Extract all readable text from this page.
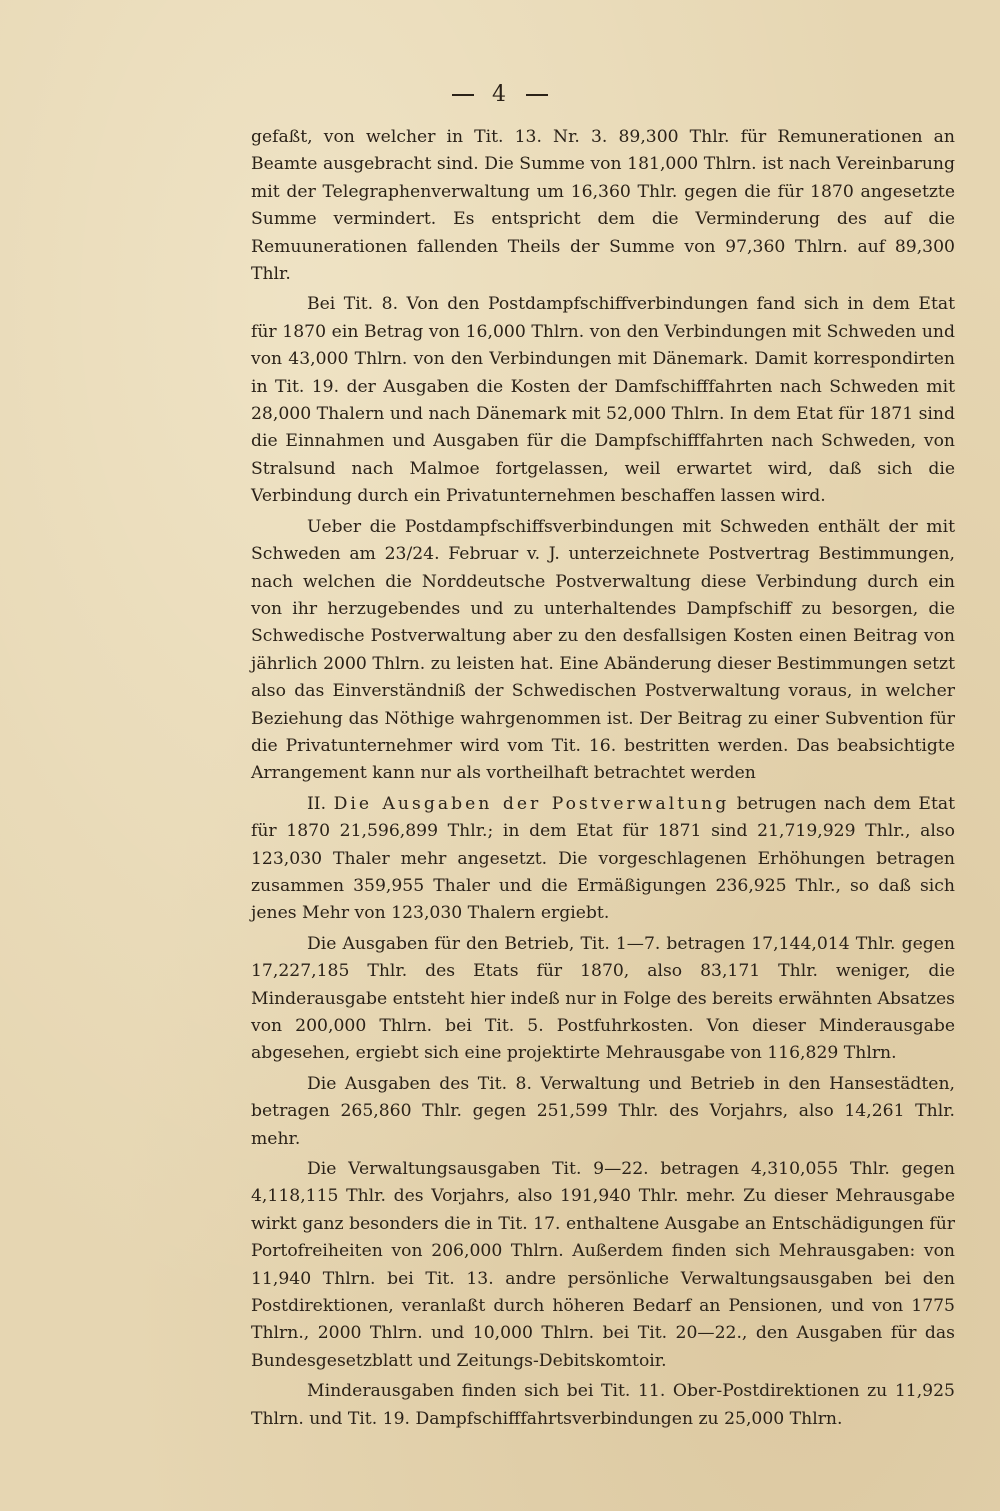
4

gefaßt, von welcher in Tit. 13. Nr. 3. 89,300 Thlr. für Remunerationen an Beamte ausgebracht sind. Die Summe von 181,000 Thlrn. ist nach Vereinbarung mit der Telegraphenverwaltung um 16,360 Thlr. gegen die für 1870 angesetzte Summe vermindert. Es entspricht dem die Verminderung des auf die Remuunerationen fallenden Theils der Summe von 97,360 Thlrn. auf 89,300 Thlr.

Bei Tit. 8. Von den Postdampfschiffverbindungen fand sich in dem Etat für 1870 ein Betrag von 16,000 Thlrn. von den Verbindungen mit Schweden und von 43,000 Thlrn. von den Verbindungen mit Dänemark. Damit korrespondirten in Tit. 19. der Ausgaben die Kosten der Damfschifffahrten nach Schweden mit 28,000 Thalern und nach Dänemark mit 52,000 Thlrn. In dem Etat für 1871 sind die Einnahmen und Ausgaben für die Dampfschifffahrten nach Schweden, von Stralsund nach Malmoe fortgelassen, weil erwartet wird, daß sich die Verbindung durch ein Privatunternehmen beschaffen lassen wird.

Ueber die Postdampfschiffsverbindungen mit Schweden enthält der mit Schweden am 23/24. Februar v. J. unterzeichnete Postvertrag Bestimmungen, nach welchen die Norddeutsche Postverwaltung diese Verbindung durch ein von ihr herzugebendes und zu unterhaltendes Dampfschiff zu besorgen, die Schwedische Postverwaltung aber zu den desfallsigen Kosten einen Beitrag von jährlich 2000 Thlrn. zu leisten hat. Eine Abänderung dieser Bestimmungen setzt also das Einverständniß der Schwedischen Postverwaltung voraus, in welcher Beziehung das Nöthige wahrgenommen ist. Der Beitrag zu einer Subvention für die Privatunternehmer wird vom Tit. 16. bestritten werden. Das beabsichtigte Arrangement kann nur als vortheilhaft betrachtet werden

II. Die Ausgaben der Postverwaltung betrugen nach dem Etat für 1870 21,596,899 Thlr.; in dem Etat für 1871 sind 21,719,929 Thlr., also 123,030 Thaler mehr angesetzt. Die vorgeschlagenen Erhöhungen betragen zusammen 359,955 Thaler und die Ermäßigungen 236,925 Thlr., so daß sich jenes Mehr von 123,030 Thalern ergiebt.

Die Ausgaben für den Betrieb, Tit. 1—7. betragen 17,144,014 Thlr. gegen 17,227,185 Thlr. des Etats für 1870, also 83,171 Thlr. weniger, die Minderausgabe entsteht hier indeß nur in Folge des bereits erwähnten Absatzes von 200,000 Thlrn. bei Tit. 5. Postfuhrkosten. Von dieser Minderausgabe abgesehen, ergiebt sich eine projektirte Mehrausgabe von 116,829 Thlrn.

Die Ausgaben des Tit. 8. Verwaltung und Betrieb in den Hansestädten, betragen 265,860 Thlr. gegen 251,599 Thlr. des Vorjahrs, also 14,261 Thlr. mehr.

Die Verwaltungsausgaben Tit. 9—22. betragen 4,310,055 Thlr. gegen 4,118,115 Thlr. des Vorjahrs, also 191,940 Thlr. mehr. Zu dieser Mehrausgabe wirkt ganz besonders die in Tit. 17. enthaltene Ausgabe an Entschädigungen für Portofreiheiten von 206,000 Thlrn. Außerdem finden sich Mehrausgaben: von 11,940 Thlrn. bei Tit. 13. andre persönliche Verwaltungsausgaben bei den Postdirektionen, veranlaßt durch höheren Bedarf an Pensionen, und von 1775 Thlrn., 2000 Thlrn. und 10,000 Thlrn. bei Tit. 20—22., den Ausgaben für das Bundesgesetzblatt und Zeitungs-Debitskomtoir.

Minderausgaben finden sich bei Tit. 11. Ober-Postdirektionen zu 11,925 Thlrn. und Tit. 19. Dampfschifffahrtsverbindungen zu 25,000 Thlrn.
